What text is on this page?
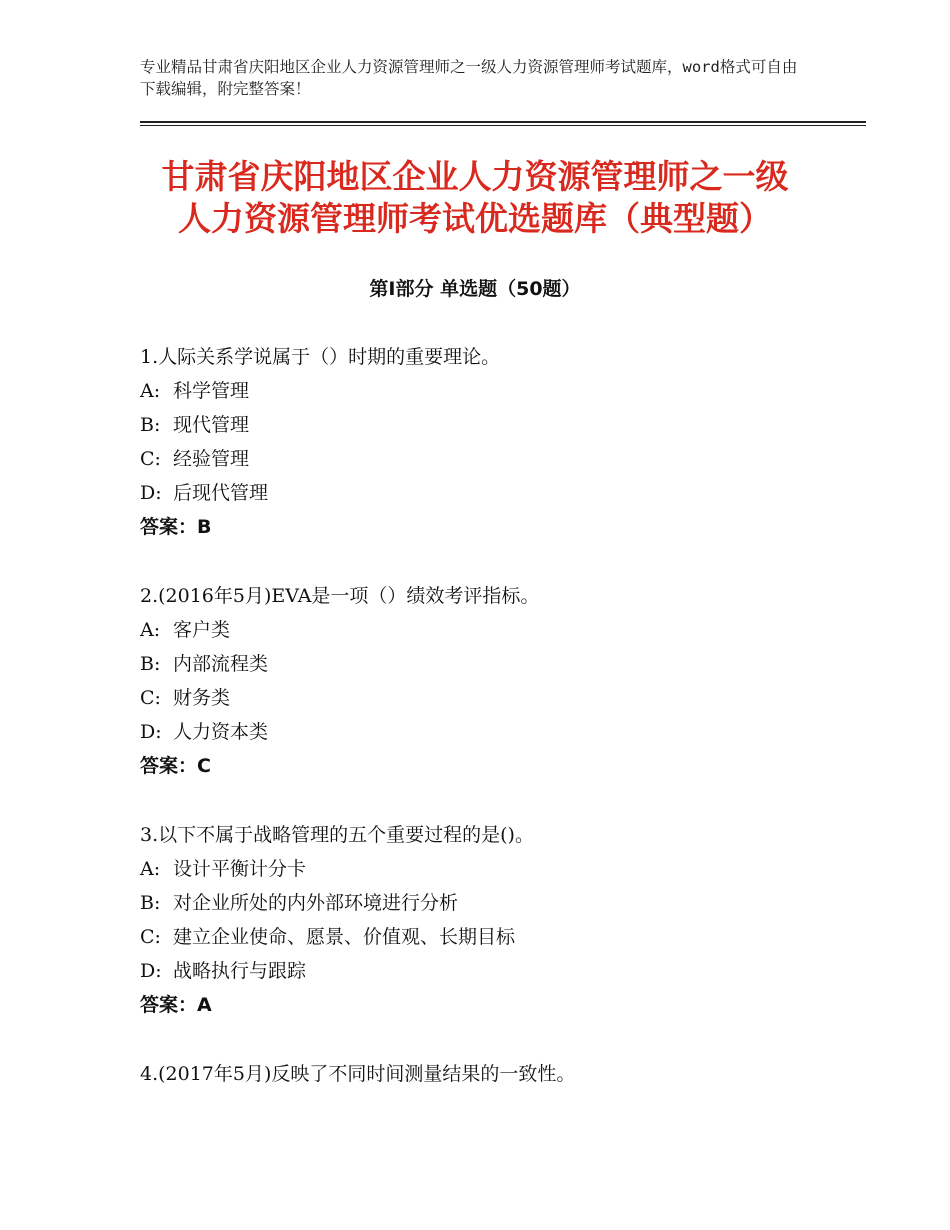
专业精品甘肃省庆阳地区企业人力资源管理师之一级人力资源管理师考试题库，word格式可自由下载编辑，附完整答案！
甘肃省庆阳地区企业人力资源管理师之一级
人力资源管理师考试优选题库（典型题）
第Ⅰ部分 单选题（50题）
1.人际关系学说属于（）时期的重要理论。
A: 科学管理
B: 现代管理
C: 经验管理
D: 后现代管理
答案：B
2.(2016年5月)EVA是一项（）绩效考评指标。
A: 客户类
B: 内部流程类
C: 财务类
D: 人力资本类
答案：C
3.以下不属于战略管理的五个重要过程的是()。
A: 设计平衡计分卡
B: 对企业所处的内外部环境进行分析
C: 建立企业使命、愿景、价值观、长期目标
D: 战略执行与跟踪
答案：A
4.(2017年5月)反映了不同时间测量结果的一致性。
